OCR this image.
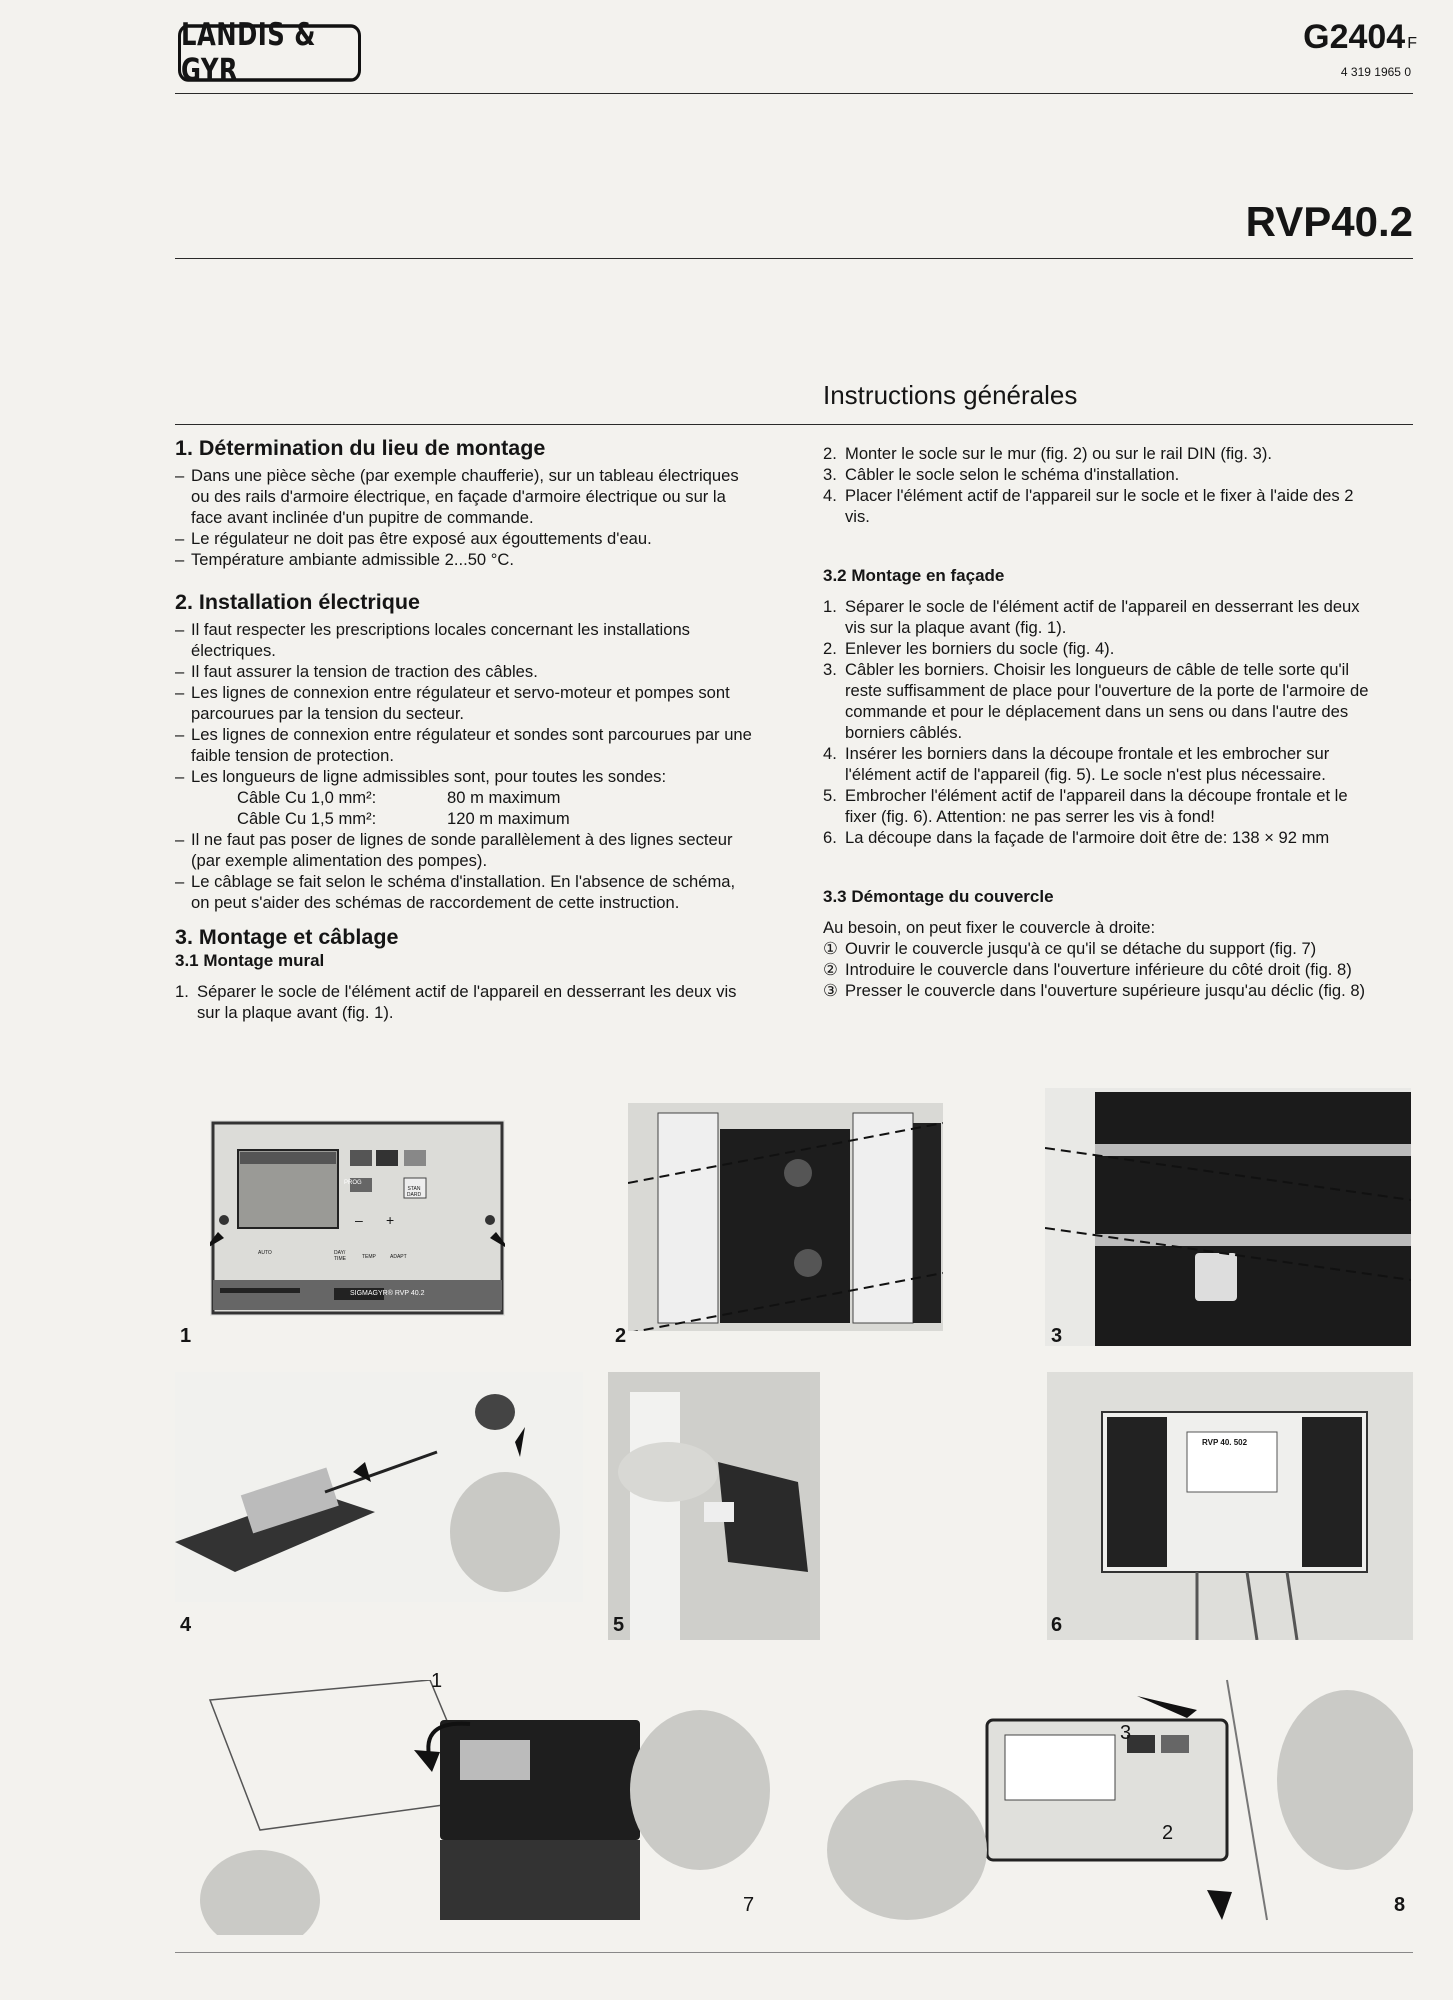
LANDIS & GYR
G2404 F
4 319 1965 0
RVP40.2
Instructions générales
1. Détermination du lieu de montage
– Dans une pièce sèche (par exemple chaufferie), sur un tableau électriques ou des rails d'armoire électrique, en façade d'armoire électrique ou sur la face avant inclinée d'un pupitre de commande.
– Le régulateur ne doit pas être exposé aux égouttements d'eau.
– Température ambiante admissible 2...50 °C.
2. Installation électrique
– Il faut respecter les prescriptions locales concernant les installations électriques.
– Il faut assurer la tension de traction des câbles.
– Les lignes de connexion entre régulateur et servo-moteur et pompes sont parcourues par la tension du secteur.
– Les lignes de connexion entre régulateur et sondes sont parcourues par une faible tension de protection.
– Les longueurs de ligne admissibles sont, pour toutes les sondes:
Câble Cu 1,0 mm²:	80 m maximum
Câble Cu 1,5 mm²:	120 m maximum
– Il ne faut pas poser de lignes de sonde parallèlement à des lignes secteur (par exemple alimentation des pompes).
– Le câblage se fait selon le schéma d'installation. En l'absence de schéma, on peut s'aider des schémas de raccordement de cette instruction.
3. Montage et câblage
3.1 Montage mural
1. Séparer le socle de l'élément actif de l'appareil en desserrant les deux vis sur la plaque avant (fig. 1).
2. Monter le socle sur le mur (fig. 2) ou sur le rail DIN (fig. 3).
3. Câbler le socle selon le schéma d'installation.
4. Placer l'élément actif de l'appareil sur le socle et le fixer à l'aide des 2 vis.
3.2 Montage en façade
1. Séparer le socle de l'élément actif de l'appareil en desserrant les deux vis sur la plaque avant (fig. 1).
2. Enlever les borniers du socle (fig. 4).
3. Câbler les borniers. Choisir les longueurs de câble de telle sorte qu'il reste suffisamment de place pour l'ouverture de la porte de l'armoire de commande et pour le déplacement dans un sens ou dans l'autre des borniers câblés.
4. Insérer les borniers dans la découpe frontale et les embrocher sur l'élément actif de l'appareil (fig. 5). Le socle n'est plus nécessaire.
5. Embrocher l'élément actif de l'appareil dans la découpe frontale et le fixer (fig. 6). Attention: ne pas serrer les vis à fond!
6. La découpe dans la façade de l'armoire doit être de: 138 × 92 mm
3.3 Démontage du couvercle

Au besoin, on peut fixer le couvercle à droite:

① Ouvrir le couvercle jusqu'à ce qu'il se détache du support (fig. 7)
② Introduire le couvercle dans l'ouverture inférieure du côté droit (fig. 8)
③ Presser le couvercle dans l'ouverture supérieure jusqu'au déclic (fig. 8)
PROG
STAN DARD
– +
AUTO	DAY/ TIME	TEMP	ADAPT
SIGMAGYR® RVP 40.2
1	2	3
4	5
RVP 40. 502
6
1
7
3
2
8
